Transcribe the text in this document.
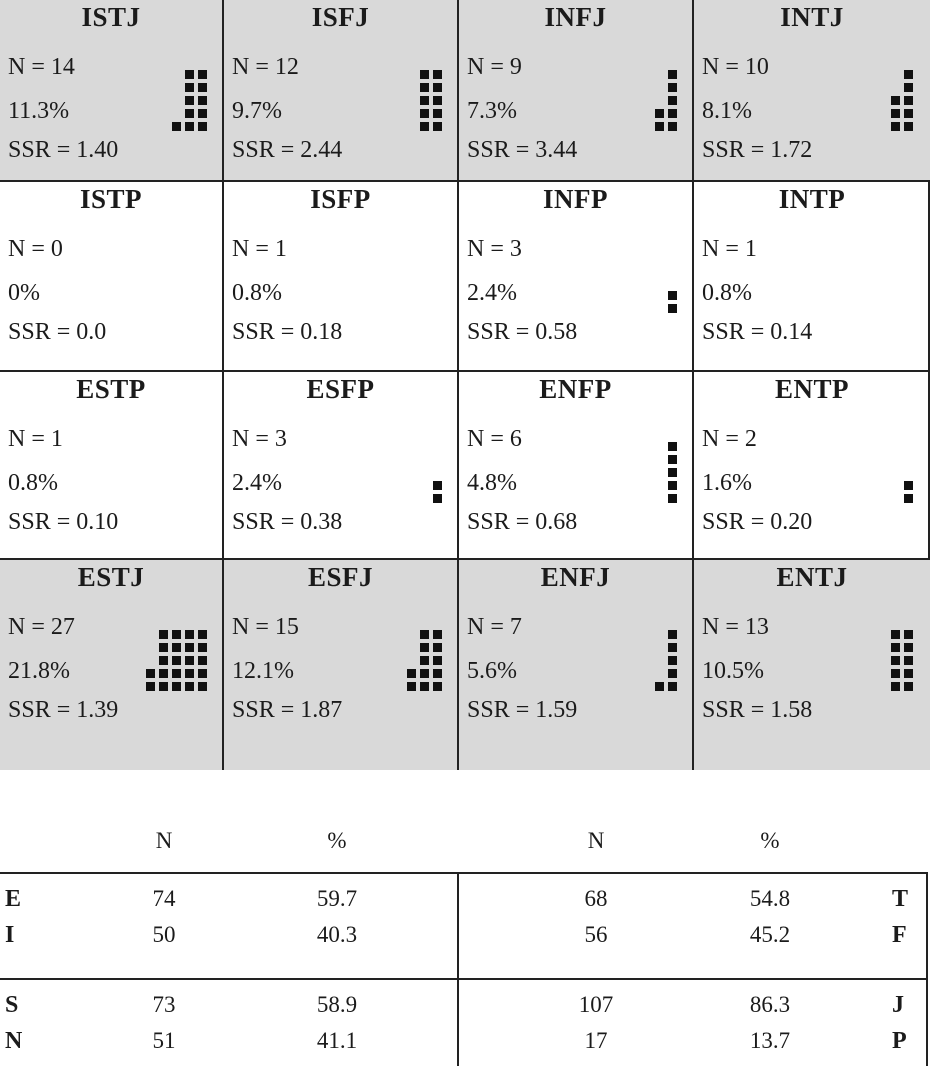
ISTJ
N = 14
11.3%
SSR = 1.40
ISFJ
N = 12
9.7%
SSR = 2.44
INFJ
N = 9
7.3%
SSR = 3.44
INTJ
N = 10
8.1%
SSR = 1.72
ISTP
N = 0
0%
SSR = 0.0
ISFP
N = 1
0.8%
SSR = 0.18
INFP
N = 3
2.4%
SSR = 0.58
INTP
N = 1
0.8%
SSR = 0.14
ESTP
N = 1
0.8%
SSR = 0.10
ESFP
N = 3
2.4%
SSR = 0.38
ENFP
N = 6
4.8%
SSR = 0.68
ENTP
N = 2
1.6%
SSR = 0.20
ESTJ
N = 27
21.8%
SSR = 1.39
ESFJ
N = 15
12.1%
SSR = 1.87
ENFJ
N = 7
5.6%
SSR = 1.59
ENTJ
N = 13
10.5%
SSR = 1.58
N	%	N	%
E	74	59.7	68	54.8	T
I	50	40.3	56	45.2	F
S	73	58.9	107	86.3	J
N	51	41.1	17	13.7	P
